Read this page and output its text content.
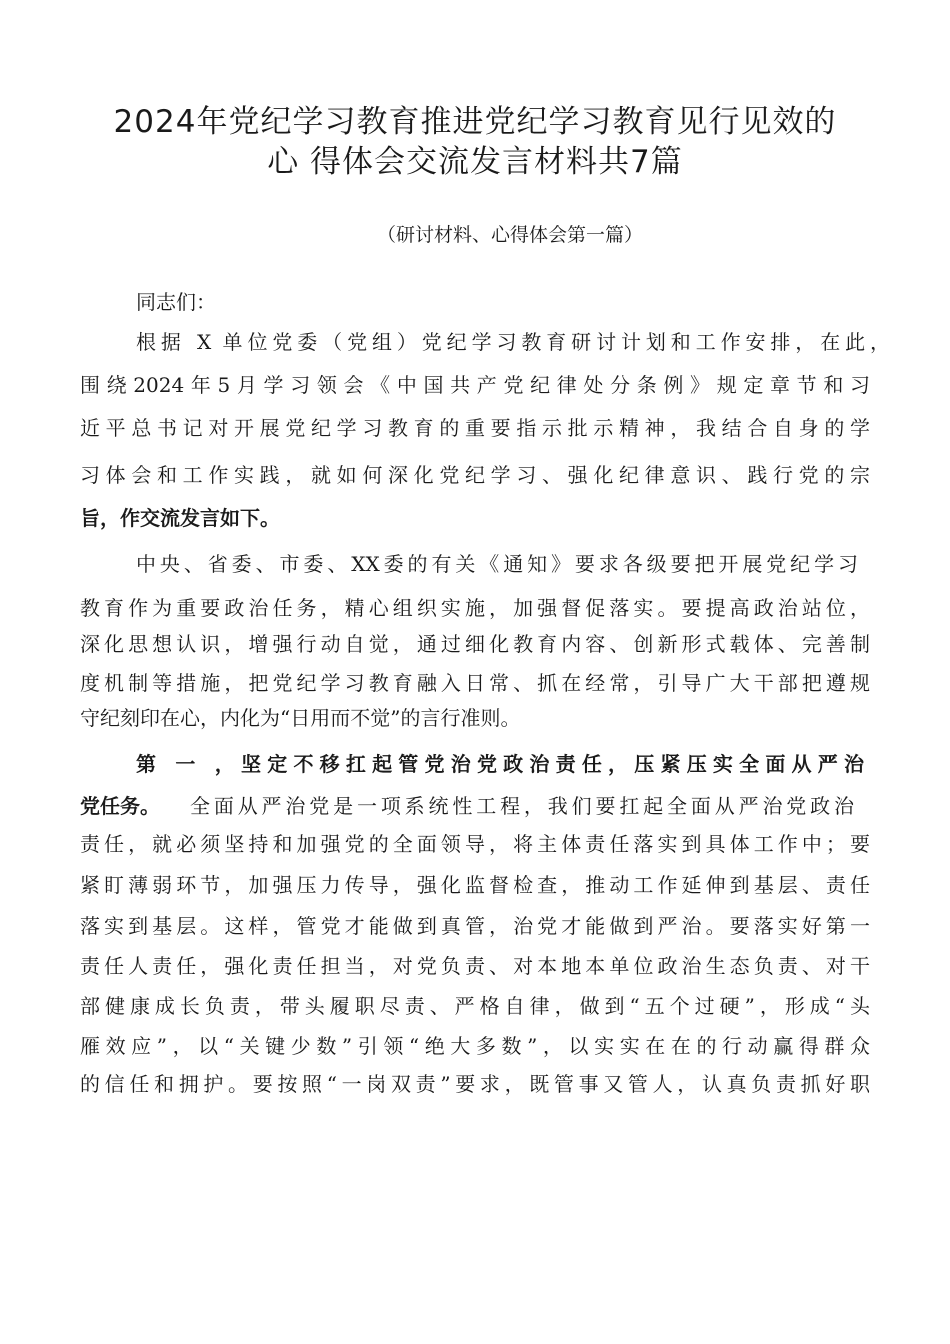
2024年党纪学习教育推进党纪学习教育见行见效的
心 得体会交流发言材料共7篇
（研讨材料、心得体会第一篇）
同志们：
根据 X 单位党委（党组）党纪学习教育研讨计划和工作安排，在此，
围绕2024年5月学习领会《中国共产党纪律处分条例》规定章节和习
近平总书记对开展党纪学习教育的重要指示批示精神，我结合自身的学
习体会和工作实践，就如何深化党纪学习、强化纪律意识、践行党的宗
旨，作交流发言如下。
中央、省委、市委、XX委的有关《通知》要求各级要把开展党纪学习
教育作为重要政治任务，精心组织实施，加强督促落实。要提高政治站位，
深化思想认识，增强行动自觉，通过细化教育内容、创新形式载体、完善制
度机制等措施，把党纪学习教育融入日常、抓在经常，引导广大干部把遵规
守纪刻印在心，内化为“日用而不觉”的言行准则。
第 一 ，坚定不移扛起管党治党政治责任，压紧压实全面从严治
党任务。	全面从严治党是一项系统性工程，我们要扛起全面从严治党政治
责任，就必须坚持和加强党的全面领导，将主体责任落实到具体工作中；要
紧盯薄弱环节，加强压力传导，强化监督检查，推动工作延伸到基层、责任
落实到基层。这样，管党才能做到真管，治党才能做到严治。要落实好第一
责任人责任，强化责任担当，对党负责、对本地本单位政治生态负责、对干
部健康成长负责，带头履职尽责、严格自律，做到“五个过硬”，形成“头
雁效应”，以“关键少数”引领“绝大多数”，以实实在在的行动赢得群众
的信任和拥护。要按照“一岗双责”要求，既管事又管人，认真负责抓好职
